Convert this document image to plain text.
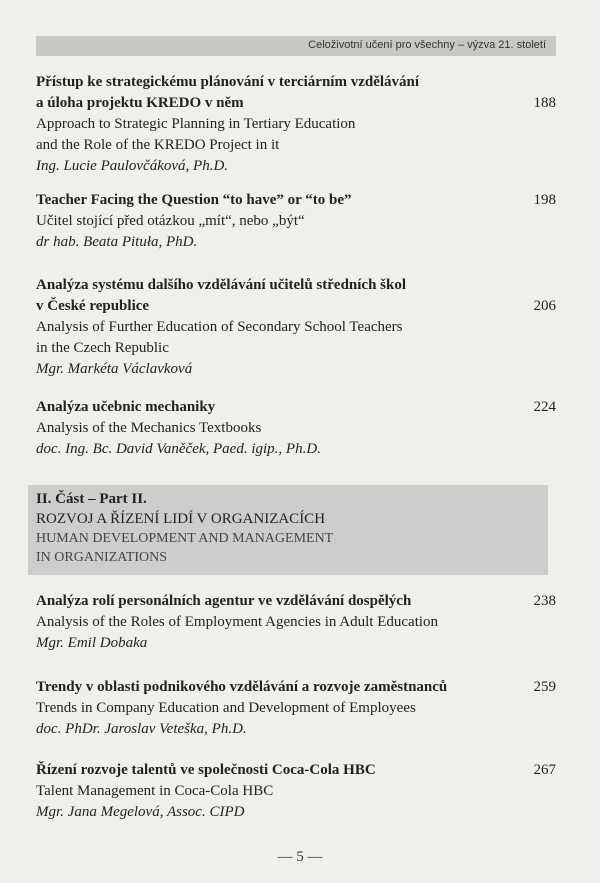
Celoživotní učení pro všechny – výzva 21. století
Přístup ke strategickému plánování v terciárním vzdělávání
a úloha projektu KREDO v něm	188
Approach to Strategic Planning in Tertiary Education
and the Role of the KREDO Project in it
Ing. Lucie Paulovčáková, Ph.D.
Teacher Facing the Question “to have” or “to be”	198
Učitel stojící před otázkou „mít“, nebo „být“
dr hab. Beata Pituła, PhD.
Analýza systému dalšího vzdělávání učitelů středních škol
v České republice	206
Analysis of Further Education of Secondary School Teachers
in the Czech Republic
Mgr. Markéta Václavková
Analýza učebnic mechaniky	224
Analysis of the Mechanics Textbooks
doc. Ing. Bc. David Vaněček, Paed. igip., Ph.D.
II. Část – Part II.
ROZVOJ A ŘÍZENÍ LIDÍ V ORGANIZACÍCH
HUMAN DEVELOPMENT AND MANAGEMENT
IN ORGANIZATIONS
Analýza rolí personálních agentur ve vzdělávání dospělých	238
Analysis of the Roles of Employment Agencies in Adult Education
Mgr. Emil Dobaka
Trendy v oblasti podnikového vzdělávání a rozvoje zaměstnanců	259
Trends in Company Education and Development of Employees
doc. PhDr. Jaroslav Veteška, Ph.D.
Řízení rozvoje talentů ve společnosti Coca-Cola HBC	267
Talent Management in Coca-Cola HBC
Mgr. Jana Megelová, Assoc. CIPD
— 5 —
